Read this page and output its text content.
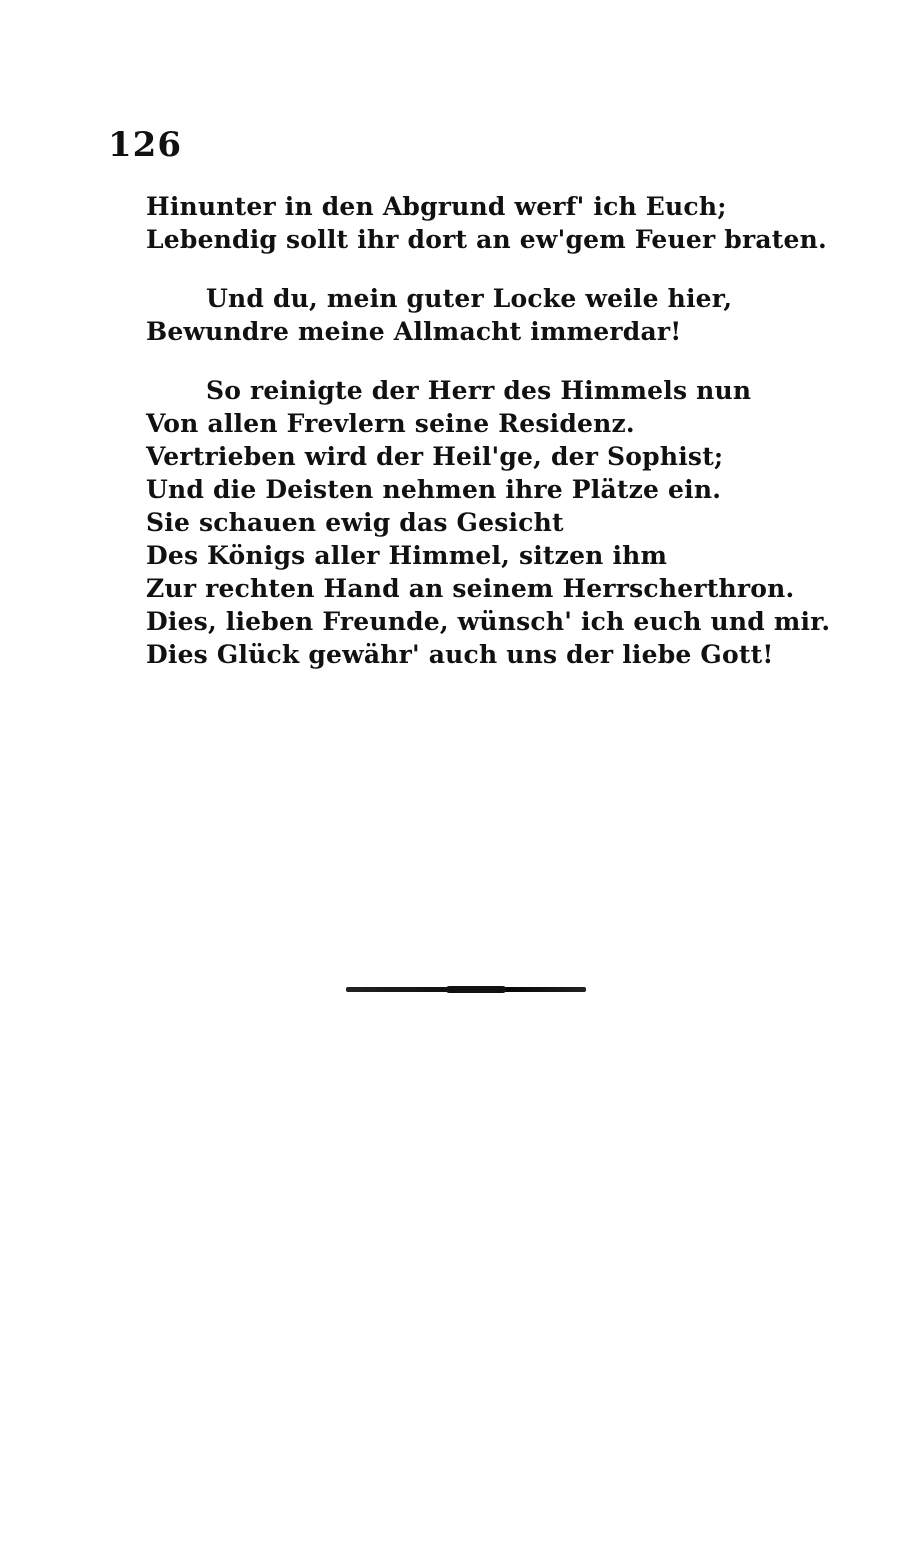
126

Hinunter in den Abgrund werf' ich Euch;
Lebendig sollt ihr dort an ew'gem Feuer braten.

Und du, mein guter Locke weile hier,
Bewundre meine Allmacht immerdar!

So reinigte der Herr des Himmels nun
Von allen Frevlern seine Residenz.
Vertrieben wird der Heil'ge, der Sophist;
Und die Deisten nehmen ihre Plätze ein.
Sie schauen ewig das Gesicht
Des Königs aller Himmel, sitzen ihm
Zur rechten Hand an seinem Herrscherthron.
Dies, lieben Freunde, wünsch' ich euch und mir.
Dies Glück gewähr' auch uns der liebe Gott!
